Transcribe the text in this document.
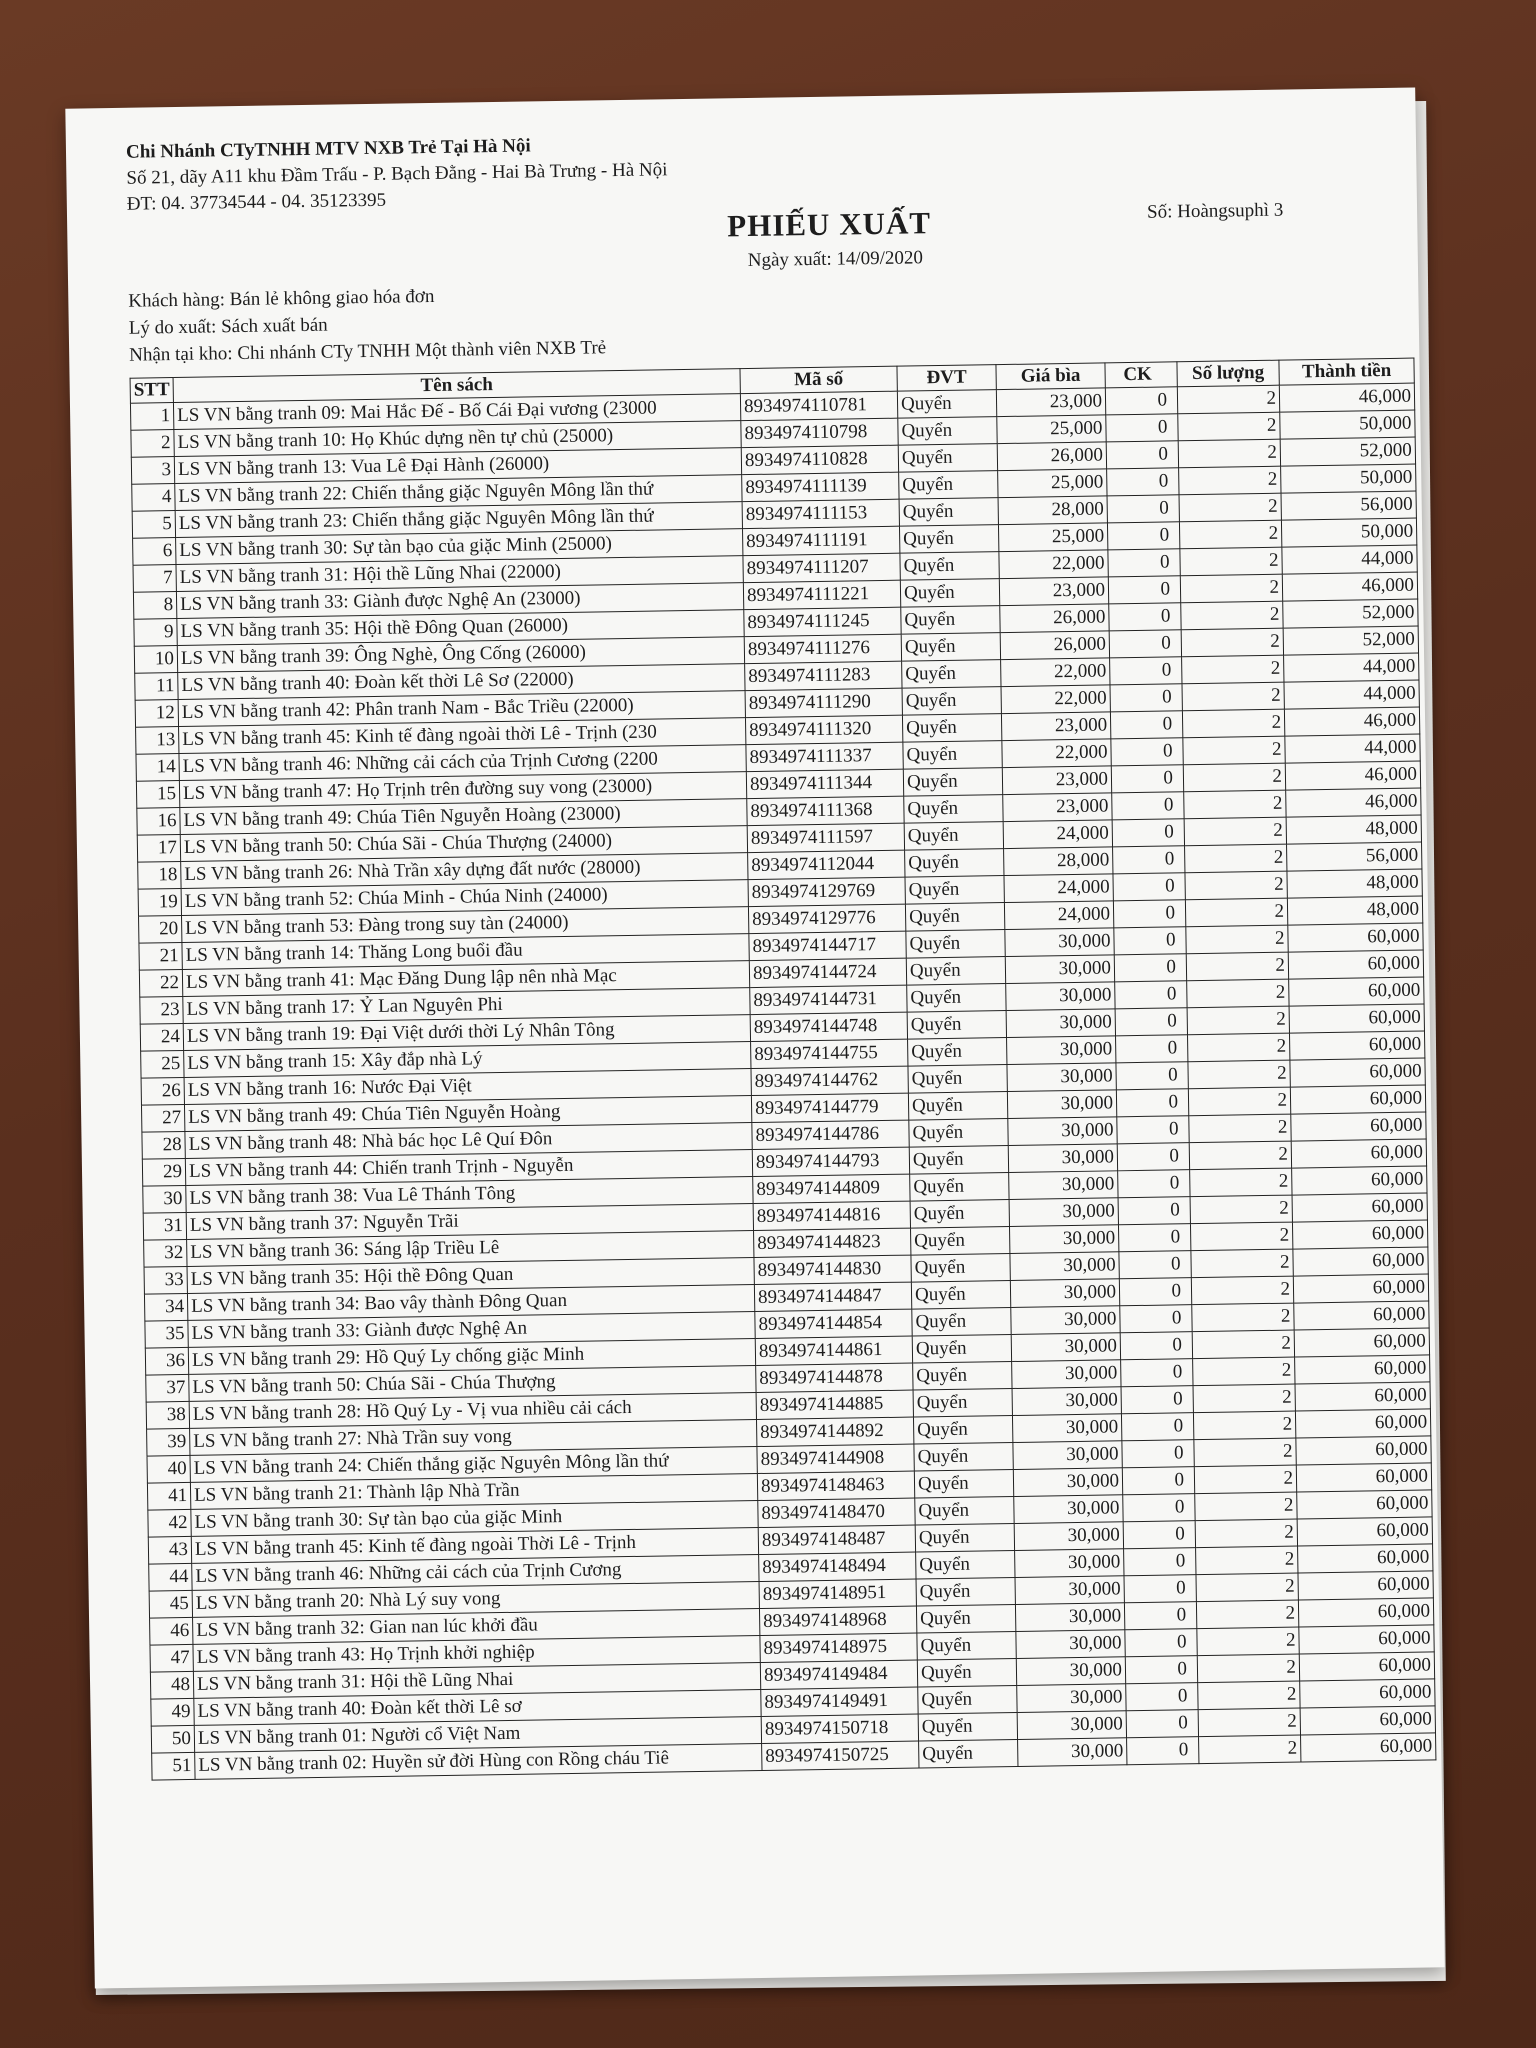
Chi Nhánh CTyTNHH MTV NXB Trẻ Tại Hà Nội
Số 21, dãy A11 khu Đầm Trấu - P. Bạch Đằng - Hai Bà Trưng - Hà Nội
ĐT: 04. 37734544 - 04. 35123395
PHIẾU XUẤT	Số: Hoàngsuphì 3
Ngày xuất: 14/09/2020
Khách hàng: Bán lẻ không giao hóa đơn
Lý do xuất: Sách xuất bán
Nhận tại kho: Chi nhánh CTy TNHH Một thành viên NXB Trẻ
STT	Tên sách	Mã số	ĐVT	Giá bìa	CK	Số lượng	Thành tiền
1	LS VN bằng tranh 09: Mai Hắc Đế - Bố Cái Đại vương (23000	8934974110781	Quyển	23,000	0	2	46,000
2	LS VN bằng tranh 10: Họ Khúc dựng nền tự chủ (25000)	8934974110798	Quyển	25,000	0	2	50,000
3	LS VN bằng tranh 13: Vua Lê Đại Hành (26000)	8934974110828	Quyển	26,000	0	2	52,000
4	LS VN bằng tranh 22: Chiến thắng giặc Nguyên Mông lần thứ	8934974111139	Quyển	25,000	0	2	50,000
5	LS VN bằng tranh 23: Chiến thắng giặc Nguyên Mông lần thứ	8934974111153	Quyển	28,000	0	2	56,000
6	LS VN bằng tranh 30: Sự tàn bạo của giặc Minh (25000)	8934974111191	Quyển	25,000	0	2	50,000
7	LS VN bằng tranh 31: Hội thề Lũng Nhai (22000)	8934974111207	Quyển	22,000	0	2	44,000
8	LS VN bằng tranh 33: Giành được Nghệ An (23000)	8934974111221	Quyển	23,000	0	2	46,000
9	LS VN bằng tranh 35: Hội thề Đông Quan (26000)	8934974111245	Quyển	26,000	0	2	52,000
10	LS VN bằng tranh 39: Ông Nghè, Ông Cống (26000)	8934974111276	Quyển	26,000	0	2	52,000
11	LS VN bằng tranh 40: Đoàn kết thời Lê Sơ (22000)	8934974111283	Quyển	22,000	0	2	44,000
12	LS VN bằng tranh 42: Phân tranh Nam - Bắc Triều (22000)	8934974111290	Quyển	22,000	0	2	44,000
13	LS VN bằng tranh 45: Kinh tế đàng ngoài thời Lê - Trịnh (230	8934974111320	Quyển	23,000	0	2	46,000
14	LS VN bằng tranh 46: Những cải cách của Trịnh Cương (2200	8934974111337	Quyển	22,000	0	2	44,000
15	LS VN bằng tranh 47: Họ Trịnh trên đường suy vong (23000)	8934974111344	Quyển	23,000	0	2	46,000
16	LS VN bằng tranh 49: Chúa Tiên Nguyễn Hoàng (23000)	8934974111368	Quyển	23,000	0	2	46,000
17	LS VN bằng tranh 50: Chúa Sãi - Chúa Thượng (24000)	8934974111597	Quyển	24,000	0	2	48,000
18	LS VN bằng tranh 26: Nhà Trần xây dựng đất nước (28000)	8934974112044	Quyển	28,000	0	2	56,000
19	LS VN bằng tranh 52: Chúa Minh - Chúa Ninh (24000)	8934974129769	Quyển	24,000	0	2	48,000
20	LS VN bằng tranh 53: Đàng trong suy tàn (24000)	8934974129776	Quyển	24,000	0	2	48,000
21	LS VN bằng tranh 14: Thăng Long buổi đầu	8934974144717	Quyển	30,000	0	2	60,000
22	LS VN bằng tranh 41: Mạc Đăng Dung lập nên nhà Mạc	8934974144724	Quyển	30,000	0	2	60,000
23	LS VN bằng tranh 17: Ỷ Lan Nguyên Phi	8934974144731	Quyển	30,000	0	2	60,000
24	LS VN bằng tranh 19: Đại Việt dưới thời Lý Nhân Tông	8934974144748	Quyển	30,000	0	2	60,000
25	LS VN bằng tranh 15: Xây đắp nhà Lý	8934974144755	Quyển	30,000	0	2	60,000
26	LS VN bằng tranh 16: Nước Đại Việt	8934974144762	Quyển	30,000	0	2	60,000
27	LS VN bằng tranh 49: Chúa Tiên Nguyễn Hoàng	8934974144779	Quyển	30,000	0	2	60,000
28	LS VN bằng tranh 48: Nhà bác học Lê Quí Đôn	8934974144786	Quyển	30,000	0	2	60,000
29	LS VN bằng tranh 44: Chiến tranh Trịnh - Nguyễn	8934974144793	Quyển	30,000	0	2	60,000
30	LS VN bằng tranh 38: Vua Lê Thánh Tông	8934974144809	Quyển	30,000	0	2	60,000
31	LS VN bằng tranh 37: Nguyễn Trãi	8934974144816	Quyển	30,000	0	2	60,000
32	LS VN bằng tranh 36: Sáng lập Triều Lê	8934974144823	Quyển	30,000	0	2	60,000
33	LS VN bằng tranh 35: Hội thề Đông Quan	8934974144830	Quyển	30,000	0	2	60,000
34	LS VN bằng tranh 34: Bao vây thành Đông Quan	8934974144847	Quyển	30,000	0	2	60,000
35	LS VN bằng tranh 33: Giành được Nghệ An	8934974144854	Quyển	30,000	0	2	60,000
36	LS VN bằng tranh 29: Hồ Quý Ly chống giặc Minh	8934974144861	Quyển	30,000	0	2	60,000
37	LS VN bằng tranh 50: Chúa Sãi - Chúa Thượng	8934974144878	Quyển	30,000	0	2	60,000
38	LS VN bằng tranh 28: Hồ Quý Ly - Vị vua nhiều cải cách	8934974144885	Quyển	30,000	0	2	60,000
39	LS VN bằng tranh 27: Nhà Trần suy vong	8934974144892	Quyển	30,000	0	2	60,000
40	LS VN bằng tranh 24: Chiến thắng giặc Nguyên Mông lần thứ	8934974144908	Quyển	30,000	0	2	60,000
41	LS VN bằng tranh 21: Thành lập Nhà Trần	8934974148463	Quyển	30,000	0	2	60,000
42	LS VN bằng tranh 30: Sự tàn bạo của giặc Minh	8934974148470	Quyển	30,000	0	2	60,000
43	LS VN bằng tranh 45: Kinh tế đàng ngoài Thời Lê - Trịnh	8934974148487	Quyển	30,000	0	2	60,000
44	LS VN bằng tranh 46: Những cải cách của Trịnh Cương	8934974148494	Quyển	30,000	0	2	60,000
45	LS VN bằng tranh 20: Nhà Lý suy vong	8934974148951	Quyển	30,000	0	2	60,000
46	LS VN bằng tranh 32: Gian nan lúc khởi đầu	8934974148968	Quyển	30,000	0	2	60,000
47	LS VN bằng tranh 43: Họ Trịnh khởi nghiệp	8934974148975	Quyển	30,000	0	2	60,000
48	LS VN bằng tranh 31: Hội thề Lũng Nhai	8934974149484	Quyển	30,000	0	2	60,000
49	LS VN bằng tranh 40: Đoàn kết thời Lê sơ	8934974149491	Quyển	30,000	0	2	60,000
50	LS VN bằng tranh 01: Người cổ Việt Nam	8934974150718	Quyển	30,000	0	2	60,000
51	LS VN bằng tranh 02: Huyền sử đời Hùng con Rồng cháu Tiê	8934974150725	Quyển	30,000	0	2	60,000
